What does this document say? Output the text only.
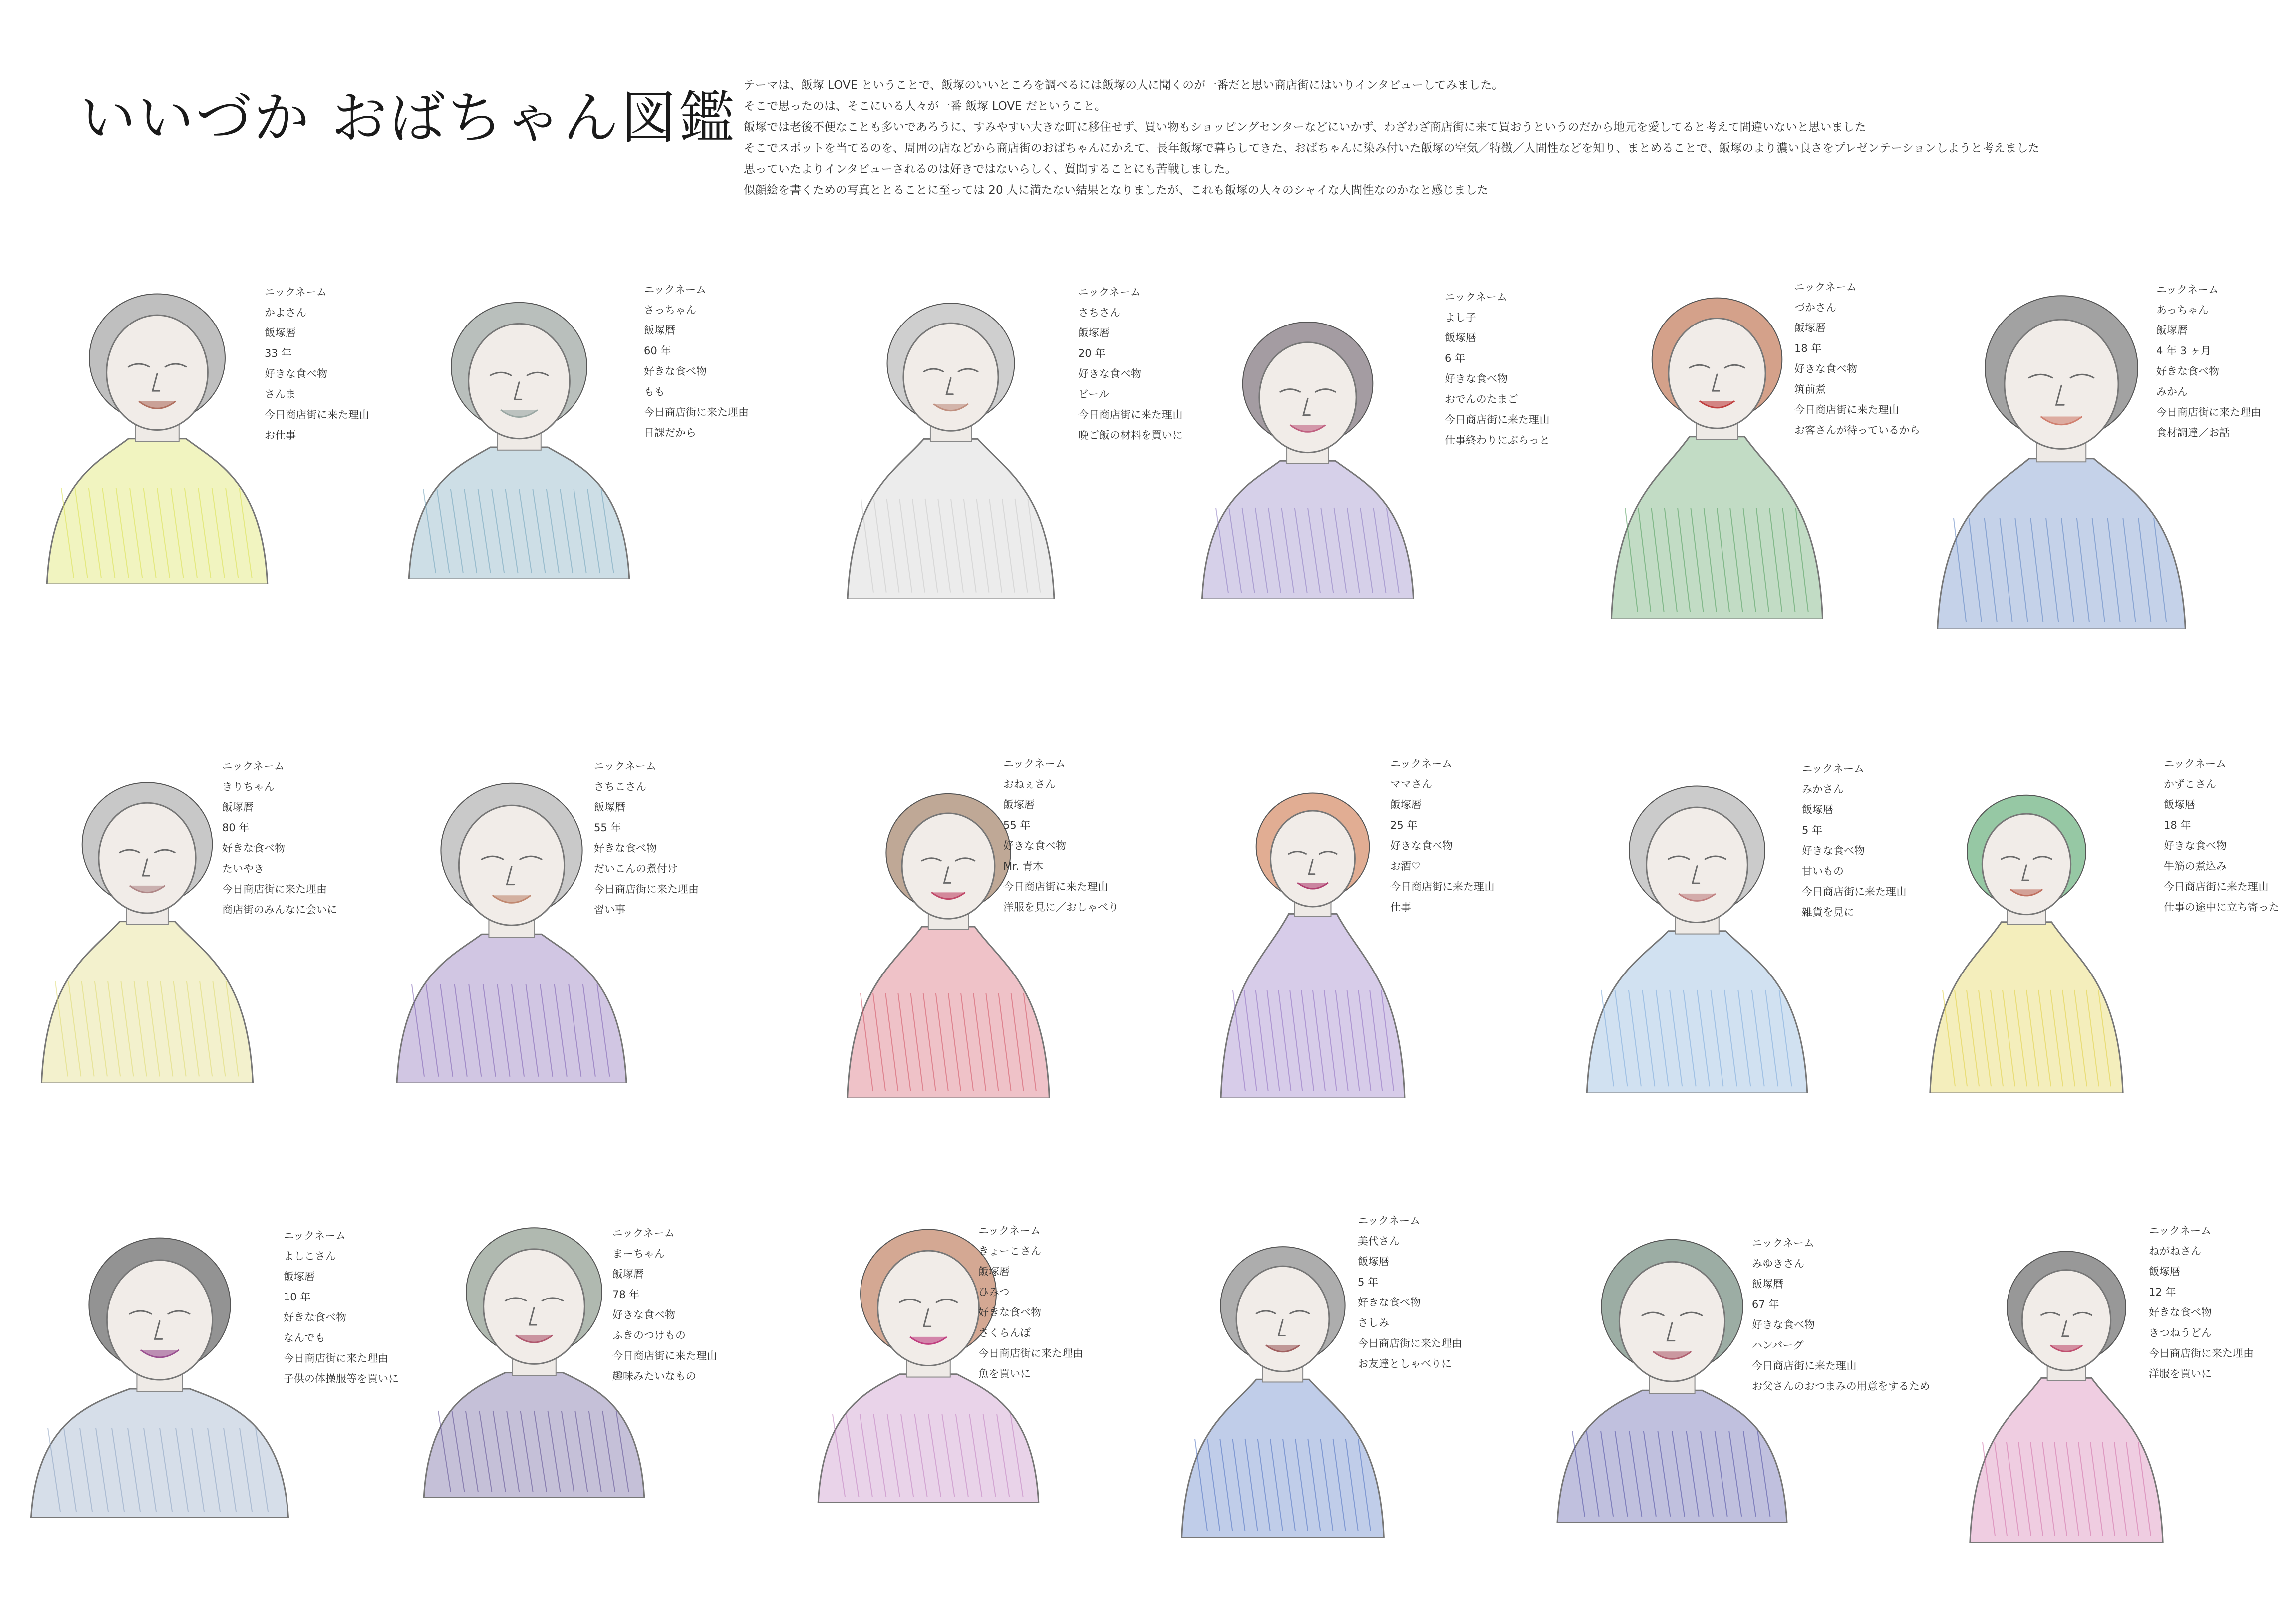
いいづか おばちゃん図鑑
テーマは、飯塚 LOVE ということで、飯塚のいいところを調べるには飯塚の人に聞くのが一番だと思い商店街にはいりインタビューしてみました。
そこで思ったのは、そこにいる人々が一番 飯塚 LOVE だということ。
飯塚では老後不便なことも多いであろうに、すみやすい大きな町に移住せず、買い物もショッピングセンターなどにいかず、わざわざ商店街に来て買おうというのだから地元を愛してると考えて間違いないと思いました
そこでスポットを当てるのを、周囲の店などから商店街のおばちゃんにかえて、長年飯塚で暮らしてきた、おばちゃんに染み付いた飯塚の空気／特徴／人間性などを知り、まとめることで、飯塚のより濃い良さをプレゼンテーションしようと考えました
思っていたよりインタビューされるのは好きではないらしく、質問することにも苦戦しました。
似顔絵を書くための写真ととることに至っては 20 人に満たない結果となりましたが、これも飯塚の人々のシャイな人間性なのかなと感じました
ニックネーム
かよさん
飯塚暦
33 年
好きな食べ物
さんま
今日商店街に来た理由
お仕事
ニックネーム
さっちゃん
飯塚暦
60 年
好きな食べ物
もも
今日商店街に来た理由
日課だから
ニックネーム
さちさん
飯塚暦
20 年
好きな食べ物
ビール
今日商店街に来た理由
晩ご飯の材料を買いに
ニックネーム
よし子
飯塚暦
6 年
好きな食べ物
おでんのたまご
今日商店街に来た理由
仕事終わりにぶらっと
ニックネーム
づかさん
飯塚暦
18 年
好きな食べ物
筑前煮
今日商店街に来た理由
お客さんが待っているから
ニックネーム
あっちゃん
飯塚暦
4 年 3 ヶ月
好きな食べ物
みかん
今日商店街に来た理由
食材調達／お話
ニックネーム
きりちゃん
飯塚暦
80 年
好きな食べ物
たいやき
今日商店街に来た理由
商店街のみんなに会いに
ニックネーム
さちこさん
飯塚暦
55 年
好きな食べ物
だいこんの煮付け
今日商店街に来た理由
習い事
ニックネーム
おねぇさん
飯塚暦
55 年
好きな食べ物
Mr. 青木
今日商店街に来た理由
洋服を見に／おしゃべり
ニックネーム
ママさん
飯塚暦
25 年
好きな食べ物
お酒♡
今日商店街に来た理由
仕事
ニックネーム
みかさん
飯塚暦
5 年
好きな食べ物
甘いもの
今日商店街に来た理由
雑貨を見に
ニックネーム
かずこさん
飯塚暦
18 年
好きな食べ物
牛筋の煮込み
今日商店街に来た理由
仕事の途中に立ち寄った
ニックネーム
よしこさん
飯塚暦
10 年
好きな食べ物
なんでも
今日商店街に来た理由
子供の体操服等を買いに
ニックネーム
まーちゃん
飯塚暦
78 年
好きな食べ物
ふきのつけもの
今日商店街に来た理由
趣味みたいなもの
ニックネーム
きょーこさん
飯塚暦
ひみつ
好きな食べ物
さくらんぼ
今日商店街に来た理由
魚を買いに
ニックネーム
美代さん
飯塚暦
5 年
好きな食べ物
さしみ
今日商店街に来た理由
お友達としゃべりに
ニックネーム
みゆきさん
飯塚暦
67 年
好きな食べ物
ハンバーグ
今日商店街に来た理由
お父さんのおつまみの用意をするため
ニックネーム
ねがねさん
飯塚暦
12 年
好きな食べ物
きつねうどん
今日商店街に来た理由
洋服を買いに
